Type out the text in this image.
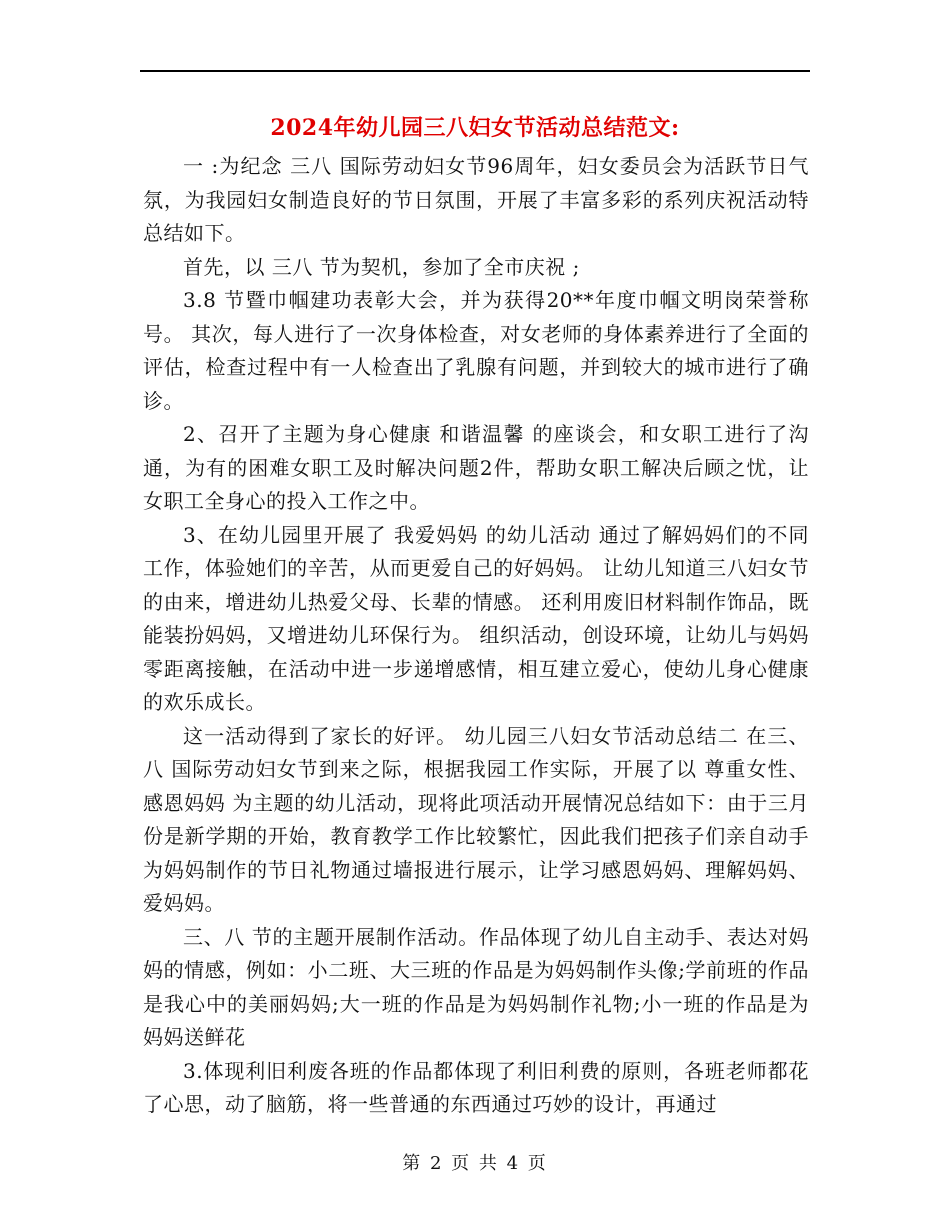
2024年幼儿园三八妇女节活动总结范文:

一 :为纪念 三八 国际劳动妇女节96周年，妇女委员会为活跃节日气氛，为我园妇女制造良好的节日氛围，开展了丰富多彩的系列庆祝活动特总结如下。

首先，以 三八 节为契机，参加了全市庆祝 ;

3.8 节暨巾帼建功表彰大会，并为获得20**年度巾帼文明岗荣誉称号。 其次，每人进行了一次身体检查，对女老师的身体素养进行了全面的评估，检查过程中有一人检查出了乳腺有问题，并到较大的城市进行了确诊。

2、召开了主题为身心健康 和谐温馨 的座谈会，和女职工进行了沟通，为有的困难女职工及时解决问题2件，帮助女职工解决后顾之忧，让女职工全身心的投入工作之中。

3、在幼儿园里开展了 我爱妈妈 的幼儿活动 通过了解妈妈们的不同工作，体验她们的辛苦，从而更爱自己的好妈妈。 让幼儿知道三八妇女节的由来，增进幼儿热爱父母、长辈的情感。 还利用废旧材料制作饰品，既能装扮妈妈，又增进幼儿环保行为。 组织活动，创设环境，让幼儿与妈妈零距离接触，在活动中进一步递增感情，相互建立爱心，使幼儿身心健康的欢乐成长。

这一活动得到了家长的好评。 幼儿园三八妇女节活动总结二 在三、八 国际劳动妇女节到来之际，根据我园工作实际，开展了以 尊重女性、感恩妈妈 为主题的幼儿活动，现将此项活动开展情况总结如下：由于三月份是新学期的开始，教育教学工作比较繁忙，因此我们把孩子们亲自动手为妈妈制作的节日礼物通过墙报进行展示，让学习感恩妈妈、理解妈妈、爱妈妈。

三、八 节的主题开展制作活动。作品体现了幼儿自主动手、表达对妈妈的情感，例如：小二班、大三班的作品是为妈妈制作头像;学前班的作品是我心中的美丽妈妈;大一班的作品是为妈妈制作礼物;小一班的作品是为妈妈送鲜花

3.体现利旧利废各班的作品都体现了利旧利费的原则，各班老师都花了心思，动了脑筋，将一些普通的东西通过巧妙的设计，再通过

第 2 页 共 4 页
